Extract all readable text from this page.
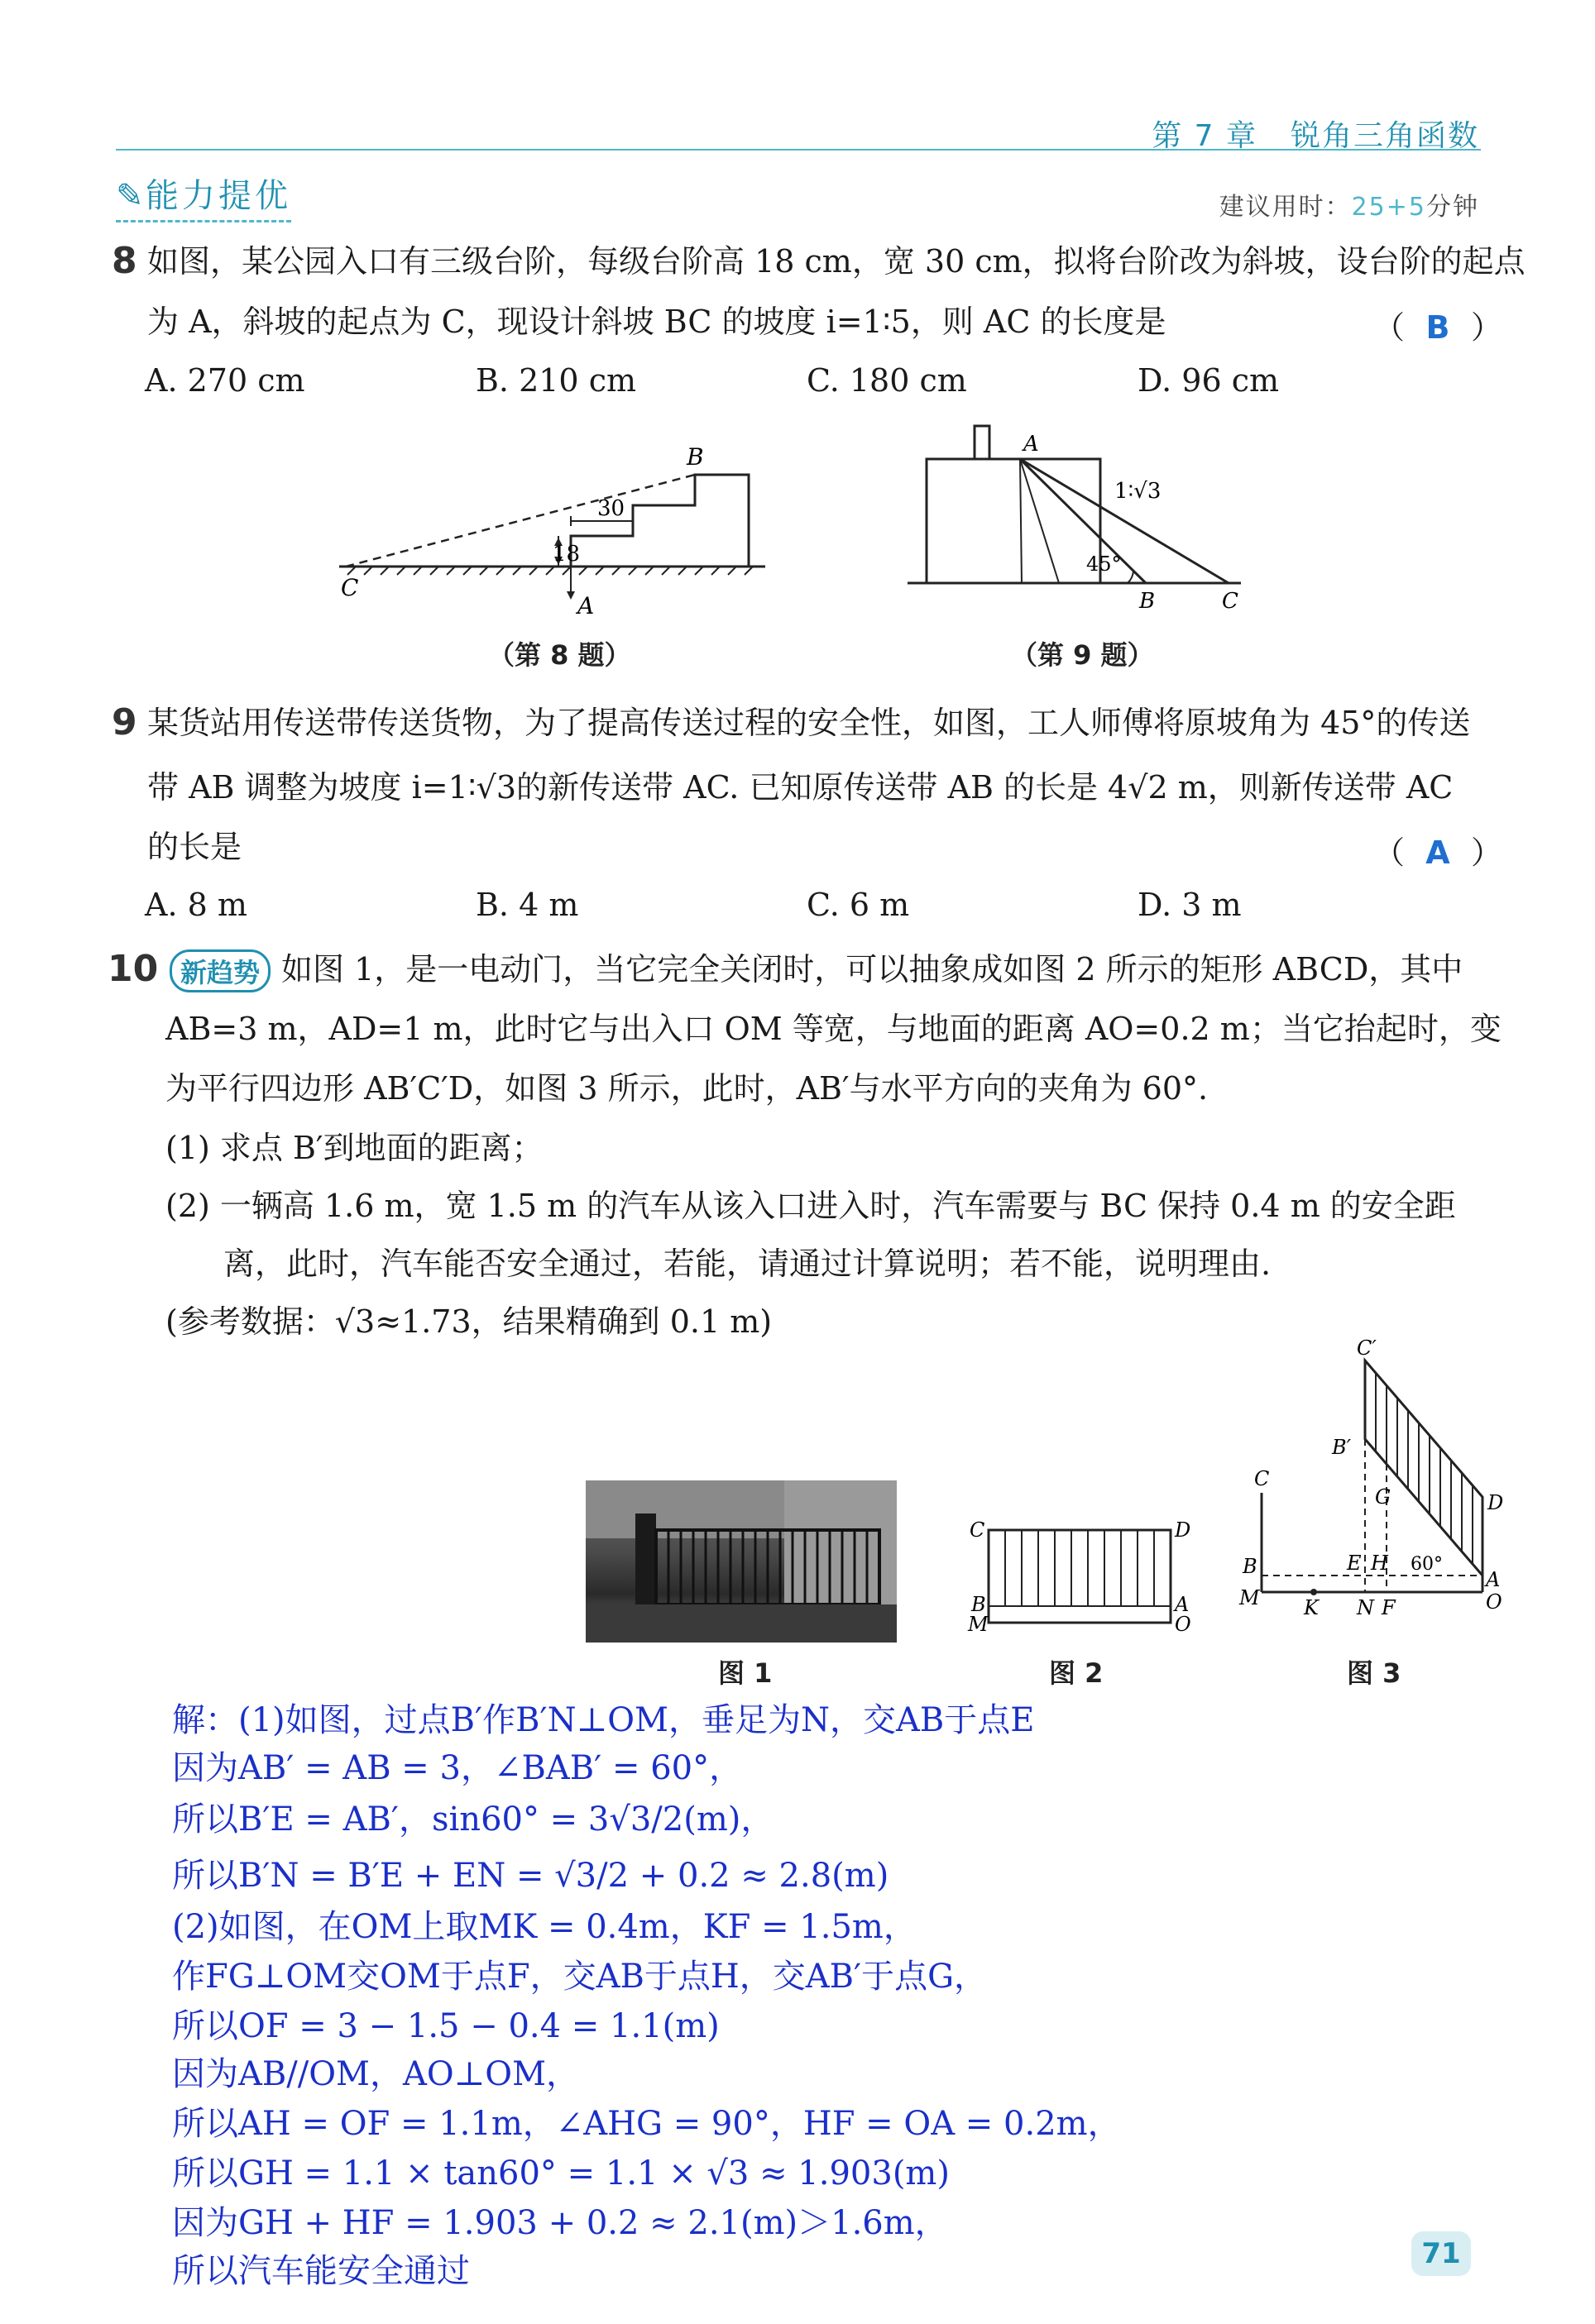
第 7 章 锐角三角函数
✎能力提优	建议用时：25+5分钟
8 如图，某公园入口有三级台阶，每级台阶高 18 cm，宽 30 cm，拟将台阶改为斜坡，设台阶的起点
为 A，斜坡的起点为 C，现设计斜坡 BC 的坡度 i=1∶5，则 AC 的长度是	（ B ）
A. 270 cm	B. 210 cm	C. 180 cm	D. 96 cm
30
18
B
C
A
（第 8 题）
A
1∶√3
45°
B	C
（第 9 题）
9 某货站用传送带传送货物，为了提高传送过程的安全性，如图，工人师傅将原坡角为 45°的传送
带 AB 调整为坡度 i=1∶√3的新传送带 AC. 已知原传送带 AB 的长是 4√2 m，则新传送带 AC
的长是	（ A ）
A. 8 m	B. 4 m	C. 6 m	D. 3 m
10 新趋势 如图 1，是一电动门，当它完全关闭时，可以抽象成如图 2 所示的矩形 ABCD，其中
AB=3 m，AD=1 m，此时它与出入口 OM 等宽，与地面的距离 AO=0.2 m；当它抬起时，变
为平行四边形 AB′C′D，如图 3 所示，此时，AB′与水平方向的夹角为 60°.
(1) 求点 B′到地面的距离；
(2) 一辆高 1.6 m，宽 1.5 m 的汽车从该入口进入时，汽车需要与 BC 保持 0.4 m 的安全距
离，此时，汽车能否安全通过，若能，请通过计算说明；若不能，说明理由.
(参考数据：√3≈1.73，结果精确到 0.1 m)
图 1
C	D
B	A
M	O
图 2
C′
B′
G	D
C
B	E H 60°
A
M K N F	O
图 3
解：(1)如图，过点B′作B′N⊥OM，垂足为N，交AB于点E
因为AB′ = AB = 3，∠BAB′ = 60°，
所以B′E = AB′，sin60° = 3√3/2(m)，
所以B′N = B′E + EN = √3/2 + 0.2 ≈ 2.8(m)
(2)如图，在OM上取MK = 0.4m，KF = 1.5m，
作FG⊥OM交OM于点F，交AB于点H，交AB′于点G，
所以OF = 3 − 1.5 − 0.4 = 1.1(m)
因为AB//OM，AO⊥OM，
所以AH = OF = 1.1m，∠AHG = 90°，HF = OA = 0.2m，
所以GH = 1.1 × tan60° = 1.1 × √3 ≈ 1.903(m)
因为GH + HF = 1.903 + 0.2 ≈ 2.1(m)＞1.6m，
所以汽车能安全通过	71
